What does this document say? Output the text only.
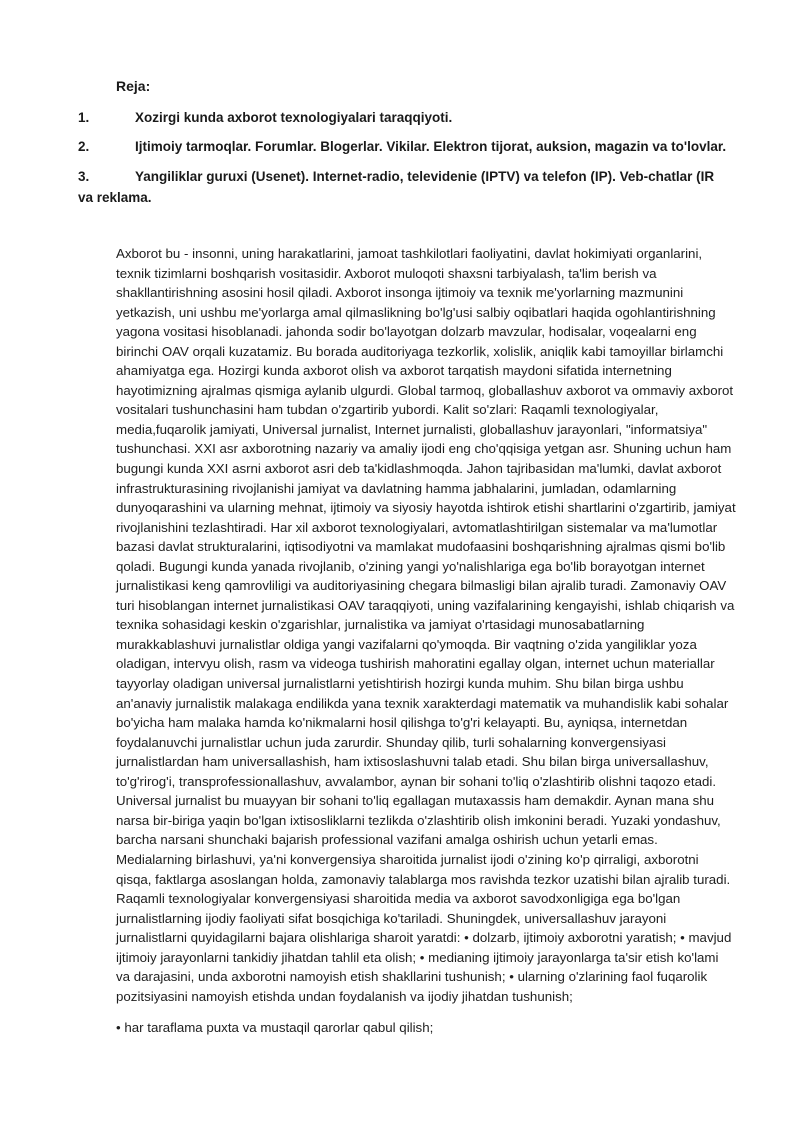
Reja:
1.	Xozirgi kunda axborot texnologiyalari taraqqiyoti.
2.	Ijtimoiy tarmoqlar. Forumlar. Blogerlar. Vikilar. Elektron tijorat, auksion, magazin va to'lovlar.
3.	Yangiliklar guruxi (Usenet). Internet-radio, televidenie (IPTV) va telefon (IP). Veb-chatlar (IR va reklama.
Axborot bu - insonni, uning harakatlarini, jamoat tashkilotlari faoliyatini, davlat hokimiyati organlarini, texnik tizimlarni boshqarish vositasidir. Axborot muloqoti shaxsni tarbiyalash, ta'lim berish va shakllantirishning asosini hosil qiladi. Axborot insonga ijtimoiy va texnik me'yorlarning mazmunini yetkazish, uni ushbu me'yorlarga amal qilmaslikning bo'lg'usi salbiy oqibatlari haqida ogohlantirishning yagona vositasi hisoblanadi. jahonda sodir bo'layotgan dolzarb mavzular, hodisalar, voqealarni eng birinchi OAV orqali kuzatamiz. Bu borada auditoriyaga tezkorlik, xolislik, aniqlik kabi tamoyillar birlamchi ahamiyatga ega. Hozirgi kunda axborot olish va axborot tarqatish maydoni sifatida internetning hayotimizning ajralmas qismiga aylanib ulgurdi. Global tarmoq, globallashuv axborot va ommaviy axborot vositalari tushunchasini ham tubdan o'zgartirib yubordi. Kalit so'zlari: Raqamli texnologiyalar, media,fuqarolik jamiyati, Universal jurnalist, Internet jurnalisti, globallashuv jarayonlari, "informatsiya" tushunchasi. XXI asr axborotning nazariy va amaliy ijodi eng cho'qqisiga yetgan asr. Shuning uchun ham bugungi kunda XXI asrni axborot asri deb ta'kidlashmoqda. Jahon tajribasidan ma'lumki, davlat axborot infrastrukturasining rivojlanishi jamiyat va davlatning hamma jabhalarini, jumladan, odamlarning dunyoqarashini va ularning mehnat, ijtimoiy va siyosiy hayotda ishtirok etishi shartlarini o'zgartirib, jamiyat rivojlanishini tezlashtiradi. Har xil axborot texnologiyalari, avtomatlashtirilgan sistemalar va ma'lumotlar bazasi davlat strukturalarini, iqtisodiyotni va mamlakat mudofaasini boshqarishning ajralmas qismi bo'lib qoladi. Bugungi kunda yanada rivojlanib, o'zining yangi yo'nalishlariga ega bo'lib borayotgan internet jurnalistikasi keng qamrovliligi va auditoriyasining chegara bilmasligi bilan ajralib turadi. Zamonaviy OAV turi hisoblangan internet jurnalistikasi OAV taraqqiyoti, uning vazifalarining kengayishi, ishlab chiqarish va texnika sohasidagi keskin o'zgarishlar, jurnalistika va jamiyat o'rtasidagi munosabatlarning murakkablashuvi jurnalistlar oldiga yangi vazifalarni qo'ymoqda. Bir vaqtning o'zida yangiliklar yoza oladigan, intervyu olish, rasm va videoga tushirish mahoratini egallay olgan, internet uchun materiallar tayyorlay oladigan universal jurnalistlarni yetishtirish hozirgi kunda muhim. Shu bilan birga ushbu an'anaviy jurnalistik malakaga endilikda yana texnik xarakterdagi matematik va muhandislik kabi sohalar bo'yicha ham malaka hamda ko'nikmalarni hosil qilishga to'g'ri kelayapti. Bu, ayniqsa, internetdan foydalanuvchi jurnalistlar uchun juda zarurdir. Shunday qilib, turli sohalarning konvergensiyasi jurnalistlardan ham universallashish, ham ixtisoslashuvni talab etadi. Shu bilan birga universallashuv, to'g'rirog'i, transprofessionallashuv, avvalambor, aynan bir sohani to'liq o'zlashtirib olishni taqozo etadi. Universal jurnalist bu muayyan bir sohani to'liq egallagan mutaxassis ham demakdir. Aynan mana shu narsa bir-biriga yaqin bo'lgan ixtisosliklarni tezlikda o'zlashtirib olish imkonini beradi. Yuzaki yondashuv, barcha narsani shunchaki bajarish professional vazifani amalga oshirish uchun yetarli emas. Medialarning birlashuvi, ya'ni konvergensiya sharoitida jurnalist ijodi o'zining ko'p qirraligi, axborotni qisqa, faktlarga asoslangan holda, zamonaviy talablarga mos ravishda tezkor uzatishi bilan ajralib turadi. Raqamli texnologiyalar konvergensiyasi sharoitida media va axborot savodxonligiga ega bo'lgan jurnalistlarning ijodiy faoliyati sifat bosqichiga ko'tariladi. Shuningdek, universallashuv jarayoni jurnalistlarni quyidagilarni bajara olishlariga sharoit yaratdi: • dolzarb, ijtimoiy axborotni yaratish; • mavjud ijtimoiy jarayonlarni tankidiy jihatdan tahlil eta olish; • medianing ijtimoiy jarayonlarga ta'sir etish ko'lami va darajasini, unda axborotni namoyish etish shakllarini tushunish; • ularning o'zlarining faol fuqarolik pozitsiyasini namoyish etishda undan foydalanish va ijodiy jihatdan tushunish;
• har taraflama puxta va mustaqil qarorlar qabul qilish;
